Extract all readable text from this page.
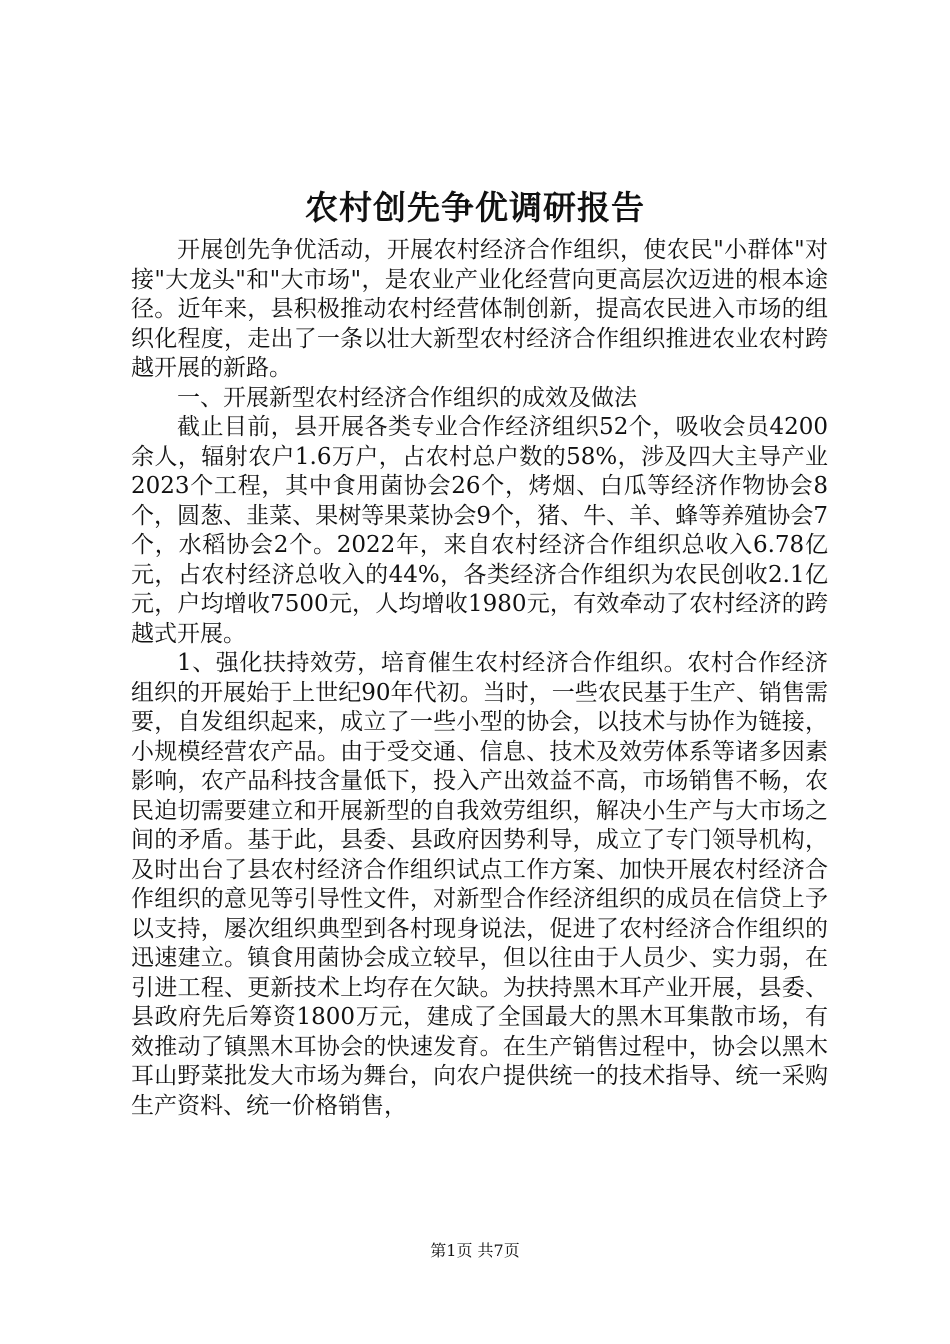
农村创先争优调研报告

开展创先争优活动，开展农村经济合作组织，使农民"小群体"对接"大龙头"和"大市场"，是农业产业化经营向更高层次迈进的根本途径。近年来，县积极推动农村经营体制创新，提高农民进入市场的组织化程度，走出了一条以壮大新型农村经济合作组织推进农业农村跨越开展的新路。

一、开展新型农村经济合作组织的成效及做法

截止目前，县开展各类专业合作经济组织52个，吸收会员4200余人，辐射农户1.6万户，占农村总户数的58%，涉及四大主导产业2023个工程，其中食用菌协会26个，烤烟、白瓜等经济作物协会8个，圆葱、韭菜、果树等果菜协会9个，猪、牛、羊、蜂等养殖协会7个，水稻协会2个。2022年，来自农村经济合作组织总收入6.78亿元，占农村经济总收入的44%，各类经济合作组织为农民创收2.1亿元，户均增收7500元，人均增收1980元，有效牵动了农村经济的跨越式开展。

1、强化扶持效劳，培育催生农村经济合作组织。农村合作经济组织的开展始于上世纪90年代初。当时，一些农民基于生产、销售需要，自发组织起来，成立了一些小型的协会，以技术与协作为链接，小规模经营农产品。由于受交通、信息、技术及效劳体系等诸多因素影响，农产品科技含量低下，投入产出效益不高，市场销售不畅，农民迫切需要建立和开展新型的自我效劳组织，解决小生产与大市场之间的矛盾。基于此，县委、县政府因势利导，成立了专门领导机构，及时出台了县农村经济合作组织试点工作方案、加快开展农村经济合作组织的意见等引导性文件，对新型合作经济组织的成员在信贷上予以支持，屡次组织典型到各村现身说法，促进了农村经济合作组织的迅速建立。镇食用菌协会成立较早，但以往由于人员少、实力弱，在引进工程、更新技术上均存在欠缺。为扶持黑木耳产业开展，县委、县政府先后筹资1800万元，建成了全国最大的黑木耳集散市场，有效推动了镇黑木耳协会的快速发育。在生产销售过程中，协会以黑木耳山野菜批发大市场为舞台，向农户提供统一的技术指导、统一采购生产资料、统一价格销售，

第1页 共7页
